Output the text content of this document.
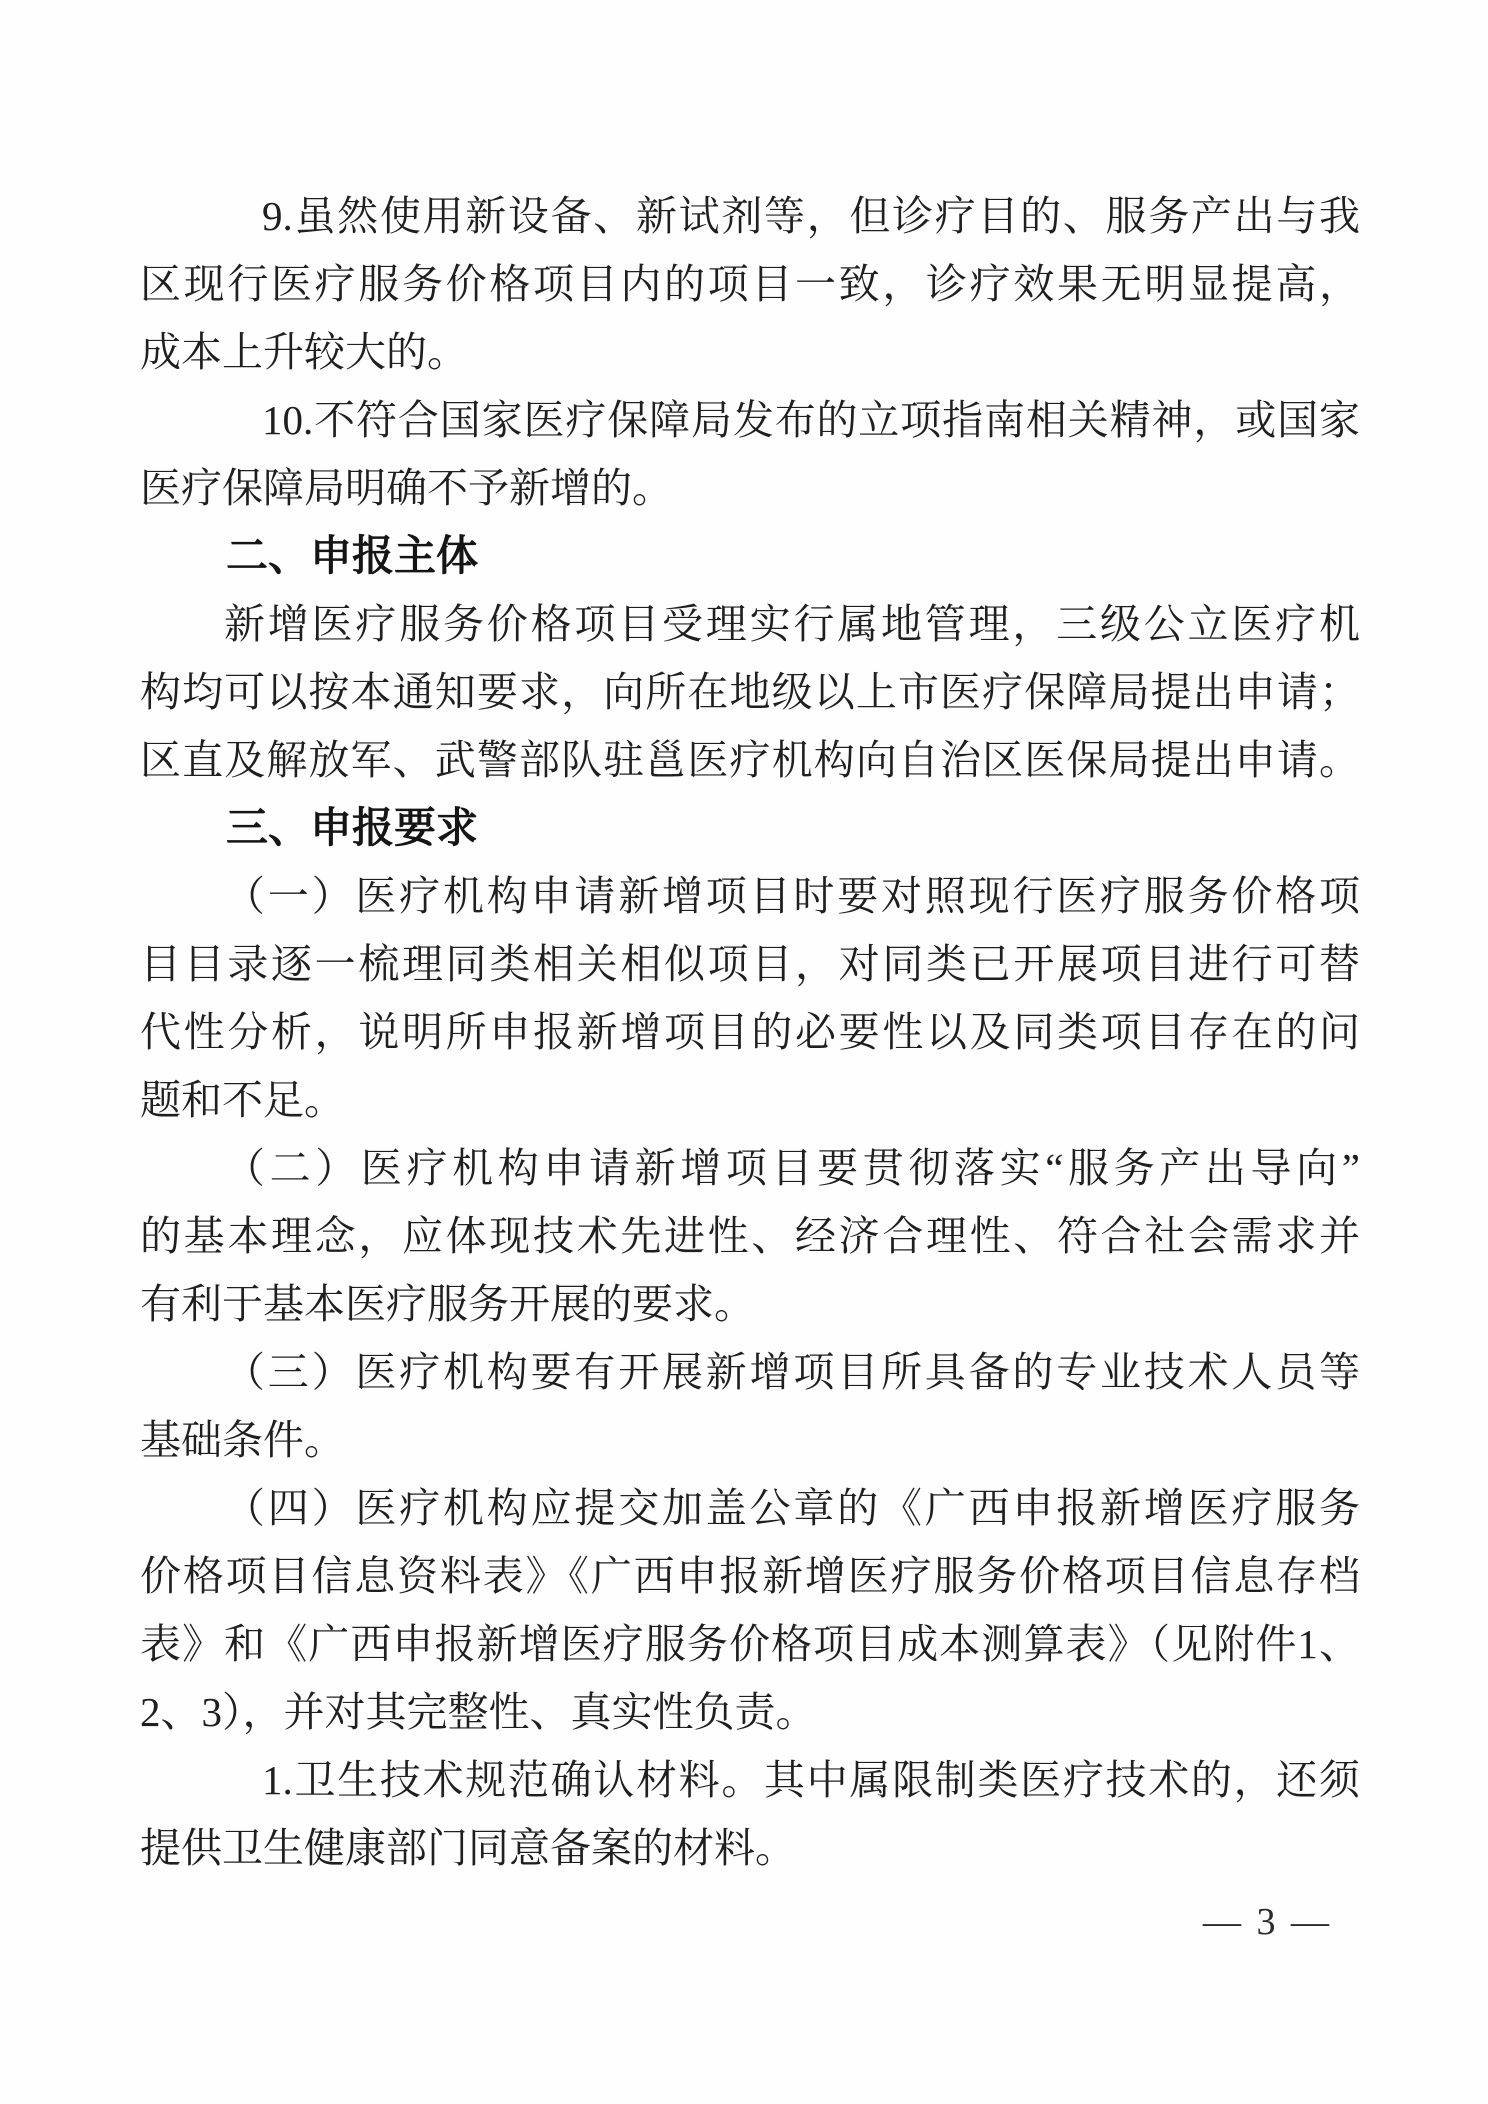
9.虽然使用新设备、新试剂等，但诊疗目的、服务产出与我
区现行医疗服务价格项目内的项目一致，诊疗效果无明显提高，
成本上升较大的。
10.不符合国家医疗保障局发布的立项指南相关精神，或国家
医疗保障局明确不予新增的。
二、申报主体
新增医疗服务价格项目受理实行属地管理，三级公立医疗机
构均可以按本通知要求，向所在地级以上市医疗保障局提出申请；
区直及解放军、武警部队驻邕医疗机构向自治区医保局提出申请。
三、申报要求
（一）医疗机构申请新增项目时要对照现行医疗服务价格项
目目录逐一梳理同类相关相似项目，对同类已开展项目进行可替
代性分析，说明所申报新增项目的必要性以及同类项目存在的问
题和不足。
（二）医疗机构申请新增项目要贯彻落实“服务产出导向”
的基本理念，应体现技术先进性、经济合理性、符合社会需求并
有利于基本医疗服务开展的要求。
（三）医疗机构要有开展新增项目所具备的专业技术人员等
基础条件。
（四）医疗机构应提交加盖公章的《广西申报新增医疗服务
价格项目信息资料表》《广西申报新增医疗服务价格项目信息存档
表》和《广西申报新增医疗服务价格项目成本测算表》（见附件1、
2、3），并对其完整性、真实性负责。
1.卫生技术规范确认材料。其中属限制类医疗技术的，还须
提供卫生健康部门同意备案的材料。
— 3 —
